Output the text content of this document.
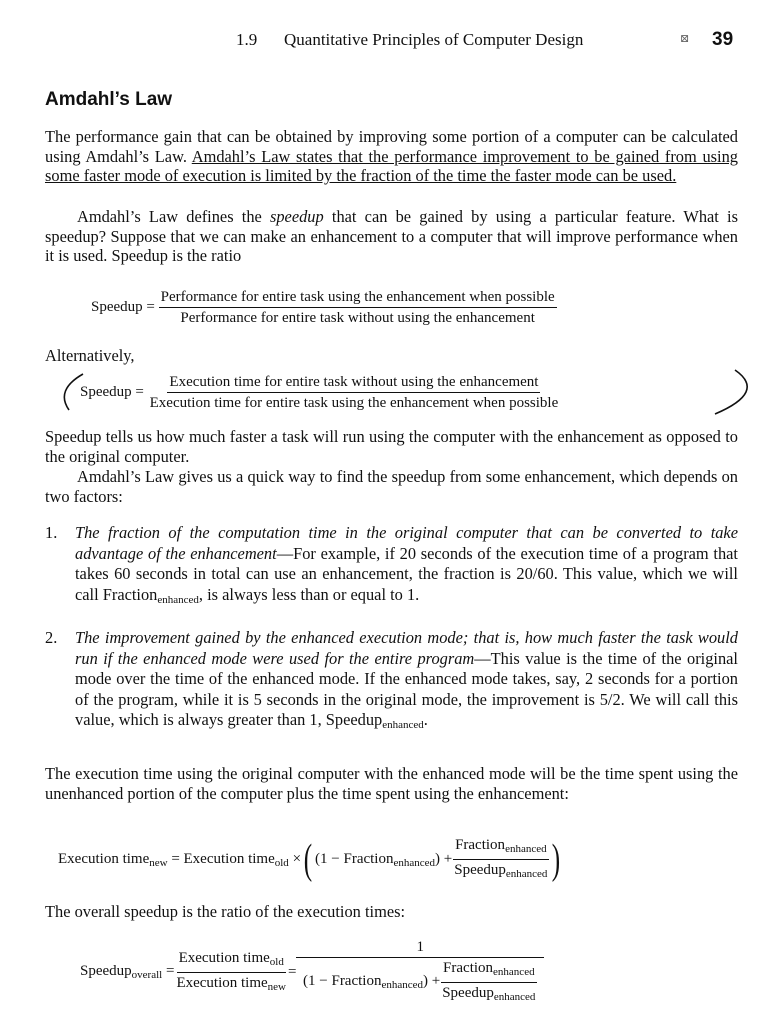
1.9 Quantitative Principles of Computer Design	⊠ 39
Amdahl’s Law

The performance gain that can be obtained by improving some portion of a computer can be calculated using Amdahl’s Law. Amdahl’s Law states that the performance improvement to be gained from using some faster mode of execution is limited by the fraction of the time the faster mode can be used.

Amdahl’s Law defines the speedup that can be gained by using a particular feature. What is speedup? Suppose that we can make an enhancement to a computer that will improve performance when it is used. Speedup is the ratio

Speedup =

Performance for entire task using the enhancement when possible
Performance for entire task without using the enhancement
Alternatively,
Speedup =

Execution time for entire task without using the enhancement
Execution time for entire task using the enhancement when possible

Speedup tells us how much faster a task will run using the computer with the enhancement as opposed to the original computer.

Amdahl’s Law gives us a quick way to find the speedup from some enhancement, which depends on two factors:

1. The fraction of the computation time in the original computer that can be converted to take advantage of the enhancement—For example, if 20 seconds of the execution time of a program that takes 60 seconds in total can use an enhancement, the fraction is 20/60. This value, which we will call Fraction$_{enhanced}$, is always less than or equal to 1.
2. The improvement gained by the enhanced execution mode; that is, how much faster the task would run if the enhanced mode were used for the entire program—This value is the time of the original mode over the time of the enhanced mode. If the enhanced mode takes, say, 2 seconds for a portion of the program, while it is 5 seconds in the original mode, the improvement is 5/2. We will call this value, which is always greater than 1, Speedup$_{enhanced}$.

The execution time using the original computer with the enhanced mode will be the time spent using the unenhanced portion of the computer plus the time spent using the enhancement:

Execution time$_{new}$ = Execution time$_{old}$ × ( (1 − Fraction$_{enhanced}$) + $\frac{Fraction_{enhanced}}{Speedup_{enhanced}}$ )

The overall speedup is the ratio of the execution times:

Speedup$_{overall}$ = $\frac{Execution time_{old}}{Execution time_{new}}$ =
1
(1 − Fraction$_{enhanced}$) + $\frac{Fraction_{enhanced}}{Speedup_{enhanced}}$
